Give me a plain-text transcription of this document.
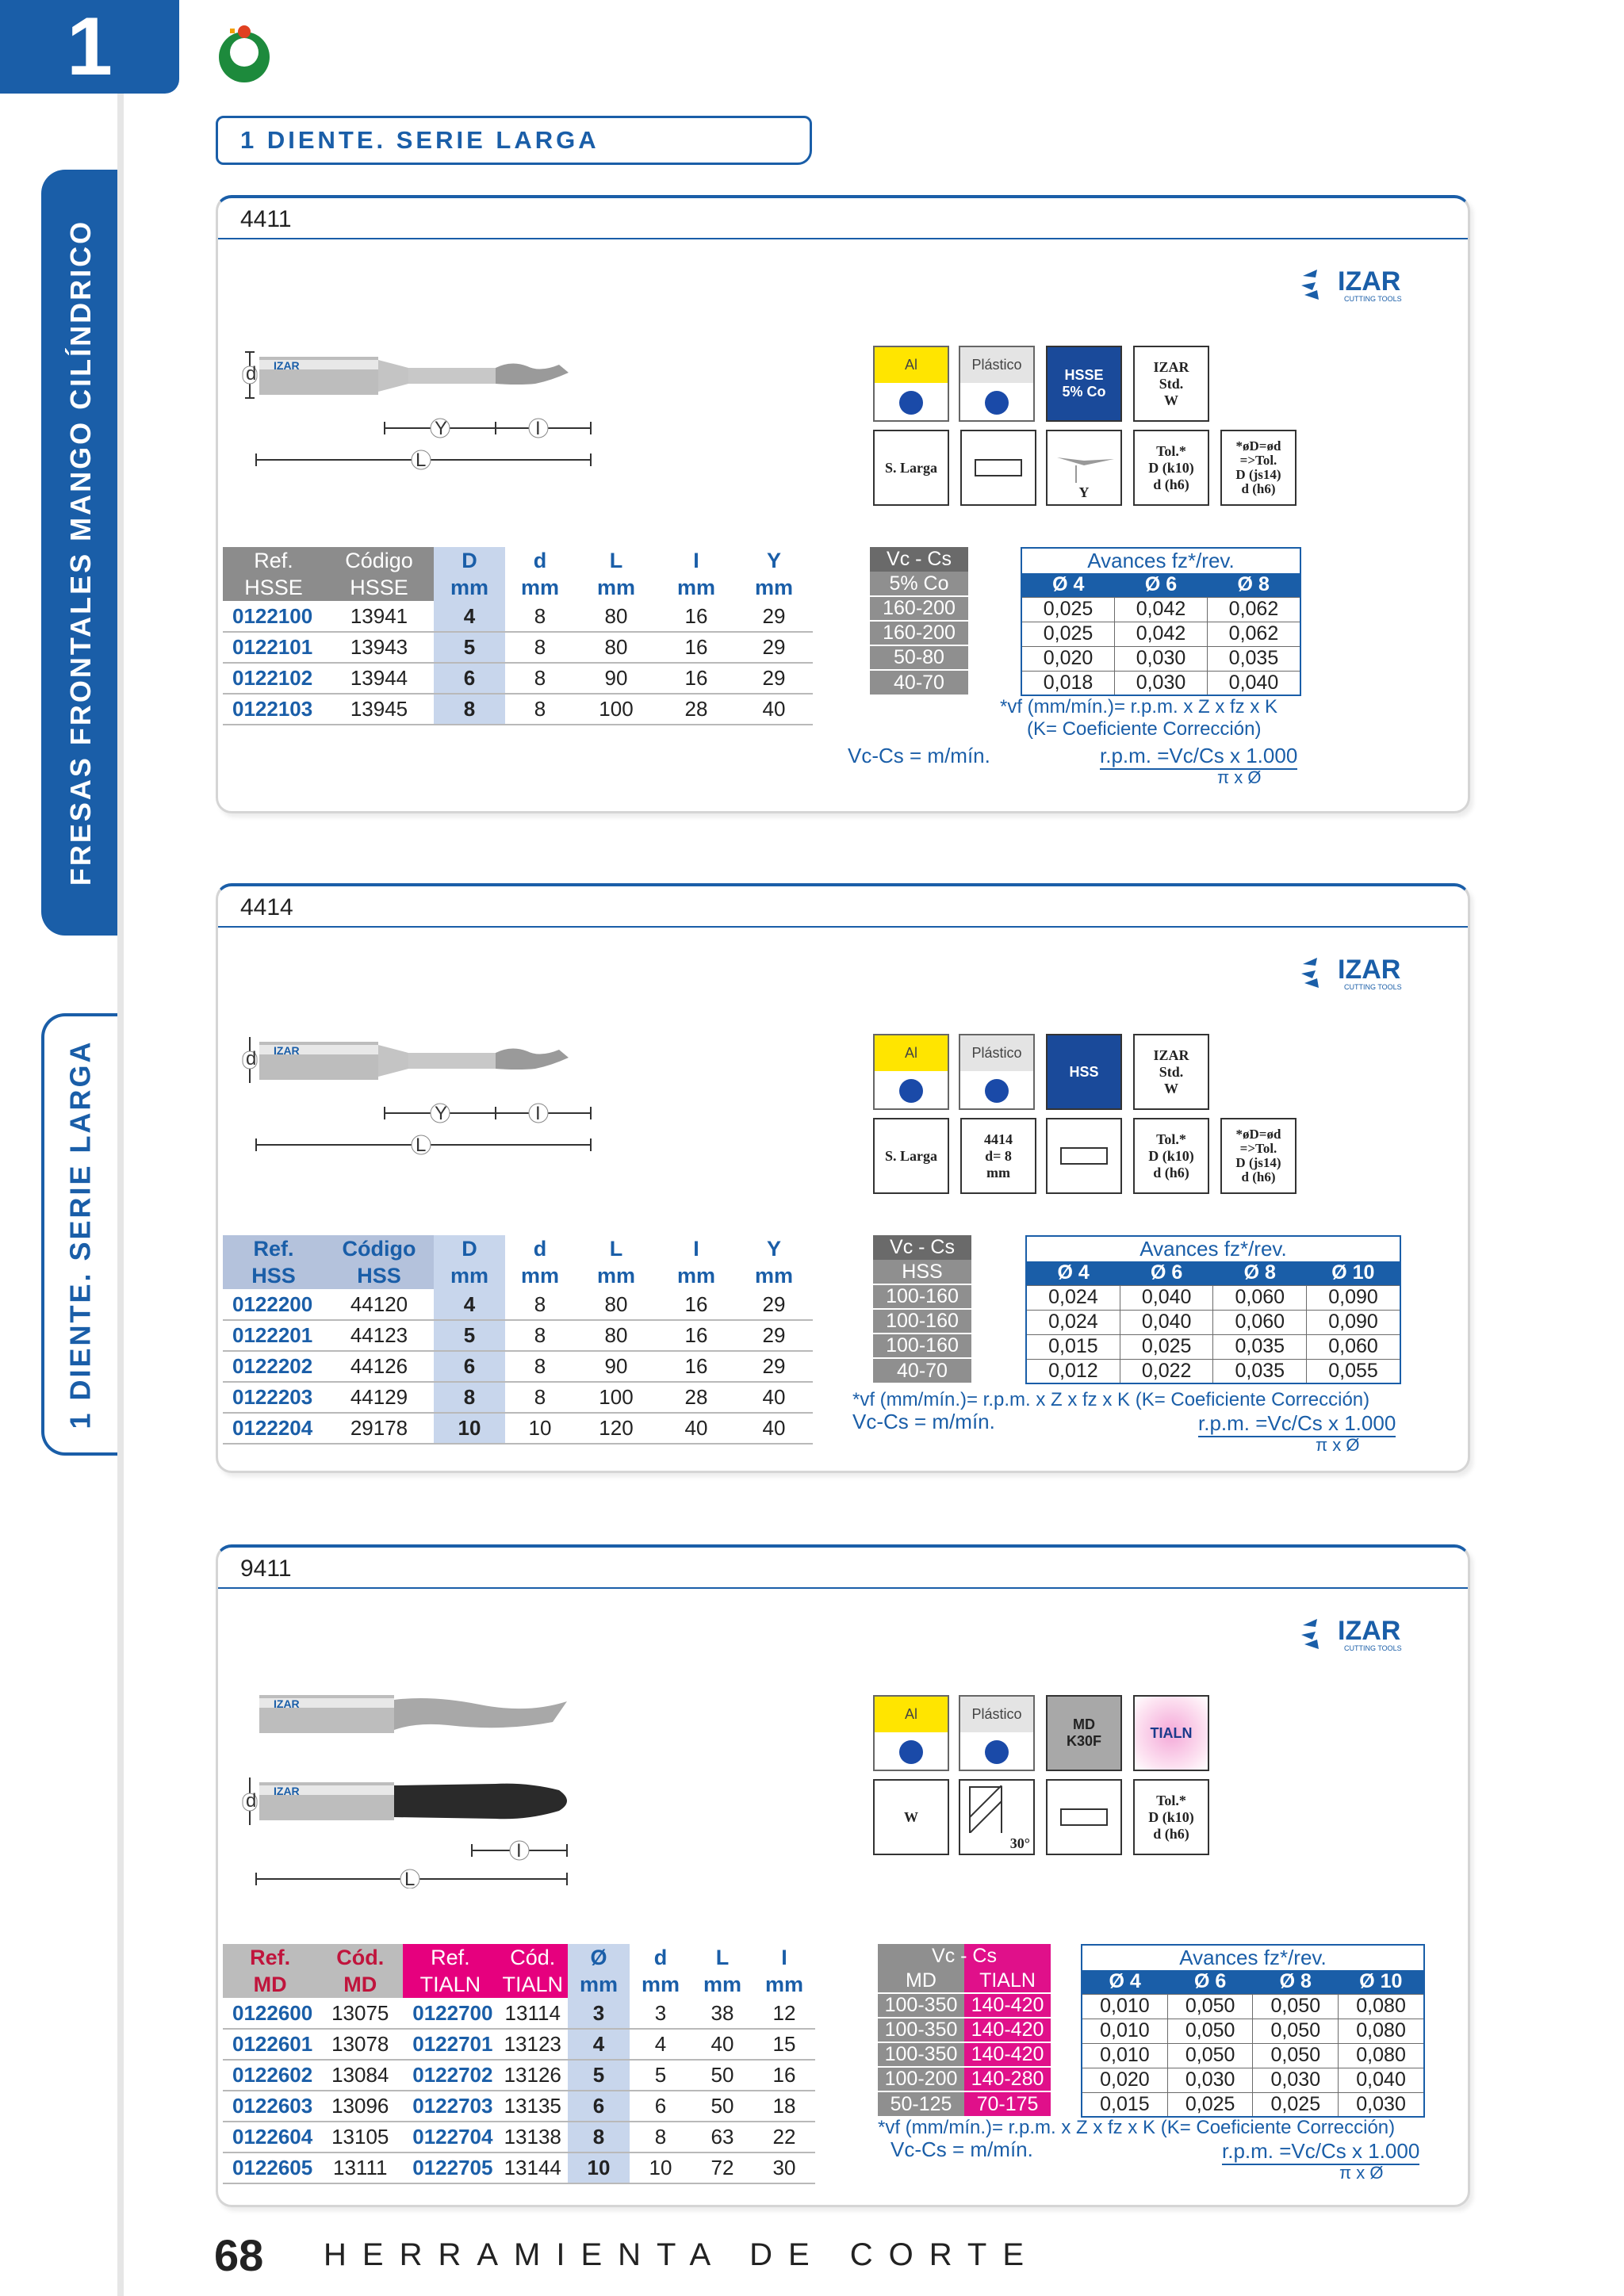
1
FRESAS FRONTALES MANGO CILÍNDRICO
1 DIENTE. SERIE LARGA
1 DIENTE. SERIE LARGA
4411
IZAR
CUTTING TOOLS
IZAR
d
Y	I
L
Al	Plástico
HSSE
5% Co
IZAR
Std.
W
S. Larga
Y
Tol.*
D (k10)
d (h6)
*øD=ød
=>Tol.
D (js14)
d (h6)
Ref.	Código	D	d	L	I	Y
HSSE	HSSE	mm	mm	mm	mm	mm
0122100	13941	4	8	80	16	29
0122101	13943	5	8	80	16	29
0122102	13944	6	8	90	16	29
0122103	13945	8	8	100	28	40
Vc - Cs
5% Co
160-200
160-200
50-80
40-70
Avances fz*/rev.		
Ø 4	Ø 6	Ø 8
0,025	0,042	0,062
0,025	0,042	0,062
0,020	0,030	0,035
0,018	0,030	0,040
*vf (mm/mín.)= r.p.m. x Z x fz x K
(K= Coeficiente Corrección)
Vc-Cs = m/mín.	r.p.m. =Vc/Cs x 1.000
π x Ø
4414
IZAR
CUTTING TOOLS
IZAR
d
Y	I
L
Al	Plástico
HSS
IZAR
Std.
W
S. Larga
4414
d= 8
mm
Tol.*
D (k10)
d (h6)
*øD=ød
=>Tol.
D (js14)
d (h6)
Ref.	Código	D	d	L	I	Y
HSS	HSS	mm	mm	mm	mm	mm
0122200	44120	4	8	80	16	29
0122201	44123	5	8	80	16	29
0122202	44126	6	8	90	16	29
0122203	44129	8	8	100	28	40
0122204	29178	10	10	120	40	40
Vc - Cs
HSS
100-160
100-160
100-160
40-70
Avances fz*/rev.			
Ø 4	Ø 6	Ø 8	Ø 10
0,024	0,040	0,060	0,090
0,024	0,040	0,060	0,090
0,015	0,025	0,035	0,060
0,012	0,022	0,035	0,055
*vf (mm/mín.)= r.p.m. x Z x fz x K (K= Coeficiente Corrección)
Vc-Cs = m/mín.	r.p.m. =Vc/Cs x 1.000
π x Ø
9411
IZAR
CUTTING TOOLS
IZAR
IZAR
d
I
L
Al	Plástico
MD
K30F
TIALN
W
30°
Tol.*
D (k10)
d (h6)
Ref.	Cód.	Ref.	Cód.	Ø	d	L	I
MD	MD	TIALN	TIALN	mm	mm	mm	mm
0122600	13075	0122700	13114	3	3	38	12
0122601	13078	0122701	13123	4	4	40	15
0122602	13084	0122702	13126	5	5	50	16
0122603	13096	0122703	13135	6	6	50	18
0122604	13105	0122704	13138	8	8	63	22
0122605	13111	0122705	13144	10	10	72	30
Vc - Cs	
MD	TIALN
100-350	140-420
100-350	140-420
100-350	140-420
100-200	140-280
50-125	70-175
Avances fz*/rev.			
Ø 4	Ø 6	Ø 8	Ø 10
0,010	0,050	0,050	0,080
0,010	0,050	0,050	0,080
0,010	0,050	0,050	0,080
0,020	0,030	0,030	0,040
0,015	0,025	0,025	0,030
*vf (mm/mín.)= r.p.m. x Z x fz x K (K= Coeficiente Corrección)
Vc-Cs = m/mín.	r.p.m. =Vc/Cs x 1.000
π x Ø
68 HERRAMIENTA DE CORTE
